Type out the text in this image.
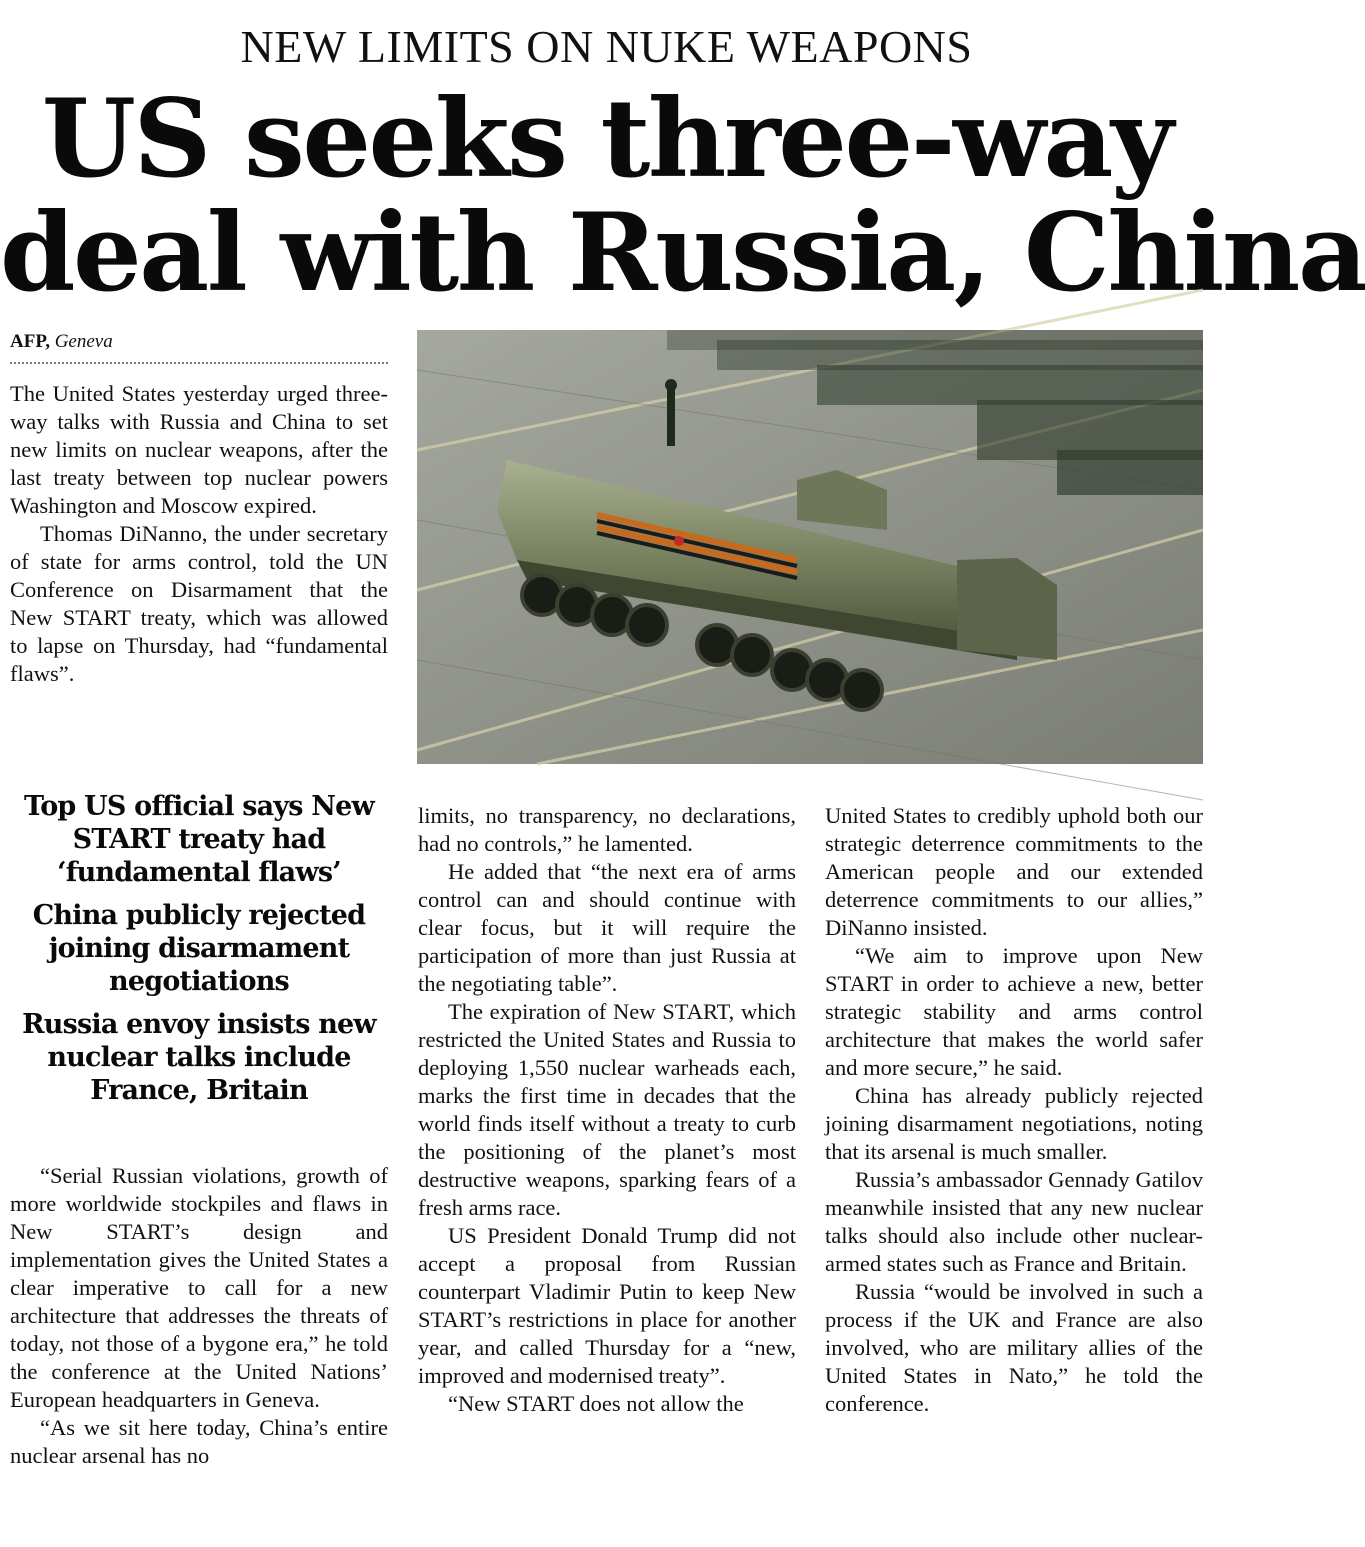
NEW LIMITS ON NUKE WEAPONS
US seeks three-way
deal with Russia, China
AFP, Geneva

The United States yesterday urged three-way talks with Russia and China to set new limits on nuclear weapons, after the last treaty between top nuclear powers Washington and Moscow expired.

Thomas DiNanno, the under secretary of state for arms control, told the UN Conference on Disarmament that the New START treaty, which was allowed to lapse on Thursday, had “fundamental flaws”.

Top US official says New START treaty had ‘fundamental flaws’
China publicly rejected joining disarmament negotiations
Russia envoy insists new nuclear talks include France, Britain

“Serial Russian violations, growth of more worldwide stockpiles and flaws in New START’s design and implementation gives the United States a clear imperative to call for a new architecture that addresses the threats of today, not those of a bygone era,” he told the conference at the United Nations’ European headquarters in Geneva.

“As we sit here today, China’s entire nuclear arsenal has no

limits, no transparency, no declarations, had no controls,” he lamented.

He added that “the next era of arms control can and should continue with clear focus, but it will require the participation of more than just Russia at the negotiating table”.

The expiration of New START, which restricted the United States and Russia to deploying 1,550 nuclear warheads each, marks the first time in decades that the world finds itself without a treaty to curb the positioning of the planet’s most destructive weapons, sparking fears of a fresh arms race.

US President Donald Trump did not accept a proposal from Russian counterpart Vladimir Putin to keep New START’s restrictions in place for another year, and called Thursday for a “new, improved and modernised treaty”.

“New START does not allow the

United States to credibly uphold both our strategic deterrence commitments to the American people and our extended deterrence commitments to our allies,” DiNanno insisted.

“We aim to improve upon New START in order to achieve a new, better strategic stability and arms control architecture that makes the world safer and more secure,” he said.

China has already publicly rejected joining disarmament negotiations, noting that its arsenal is much smaller.

Russia’s ambassador Gennady Gatilov meanwhile insisted that any new nuclear talks should also include other nuclear-armed states such as France and Britain.

Russia “would be involved in such a process if the UK and France are also involved, who are military allies of the United States in Nato,” he told the conference.
